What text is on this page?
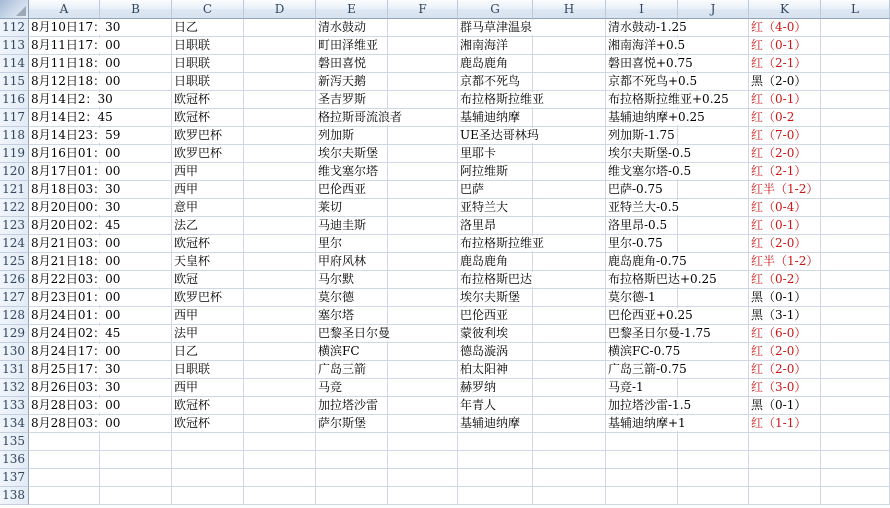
A	B	C	D	E	F	G	H	I	J	K	L
112 8月10日17：30	日乙	清水鼓动	群马草津温泉	清水鼓动-1.25	红（4-0）
113 8月11日17：00	日职联	町田泽维亚	湘南海洋	湘南海洋+0.5	红（0-1）
114 8月11日18：00	日职联	磐田喜悦	鹿岛鹿角	磐田喜悦+0.75	红（2-1）
115 8月12日18：00	日职联	新泻天鹅	京都不死鸟	京都不死鸟+0.5	黑（2-0）
116 8月14日2：30	欧冠杯	圣吉罗斯	布拉格斯拉维亚	布拉格斯拉维亚+0.25 红（0-1）
117 8月14日2：45	欧冠杯	格拉斯哥流浪者	基辅迪纳摩	基辅迪纳摩+0.25	红（0-2
118 8月14日23：59	欧罗巴杯	列加斯	UE圣达哥林玛	列加斯-1.75	红（7-0）
119 8月16日01：00	欧罗巴杯	埃尔夫斯堡	里耶卡	埃尔夫斯堡-0.5	红（2-0）
120 8月17日01：00	西甲	维戈塞尔塔	阿拉维斯	维戈塞尔塔-0.5	红（2-1）
121 8月18日03：30	西甲	巴伦西亚	巴萨	巴萨-0.75	红半（1-2）
122 8月20日00：30	意甲	莱切	亚特兰大	亚特兰大-0.5	红（0-4）
123 8月20日02：45	法乙	马迪圭斯	洛里昂	洛里昂-0.5	红（0-1）
124 8月21日03：00	欧冠杯	里尔	布拉格斯拉维亚	里尔-0.75	红（2-0）
125 8月21日18：00	天皇杯	甲府风林	鹿岛鹿角	鹿岛鹿角-0.75	红半（1-2）
126 8月22日03：00	欧冠	马尔默	布拉格斯巴达	布拉格斯巴达+0.25	红（0-2）
127 8月23日01：00	欧罗巴杯	莫尔德	埃尔夫斯堡	莫尔德-1	黑（0-1）
128 8月24日01：00	西甲	塞尔塔	巴伦西亚	巴伦西亚+0.25	黑（3-1）
129 8月24日02：45	法甲	巴黎圣日尔曼	蒙彼利埃	巴黎圣日尔曼-1.75	红（6-0）
130 8月24日17：00	日乙	横滨FC	德岛漩涡	横滨FC-0.75	红（2-0）
131 8月25日17：30	日职联	广岛三箭	柏太阳神	广岛三箭-0.75	红（2-0）
132 8月26日03：30	西甲	马竞	赫罗纳	马竞-1	红（3-0）
133 8月28日03：00	欧冠杯	加拉塔沙雷	年青人	加拉塔沙雷-1.5	黑（0-1）
134 8月28日03：00	欧冠杯	萨尔斯堡	基辅迪纳摩	基辅迪纳摩+1	红（1-1）
135
136
137
138
